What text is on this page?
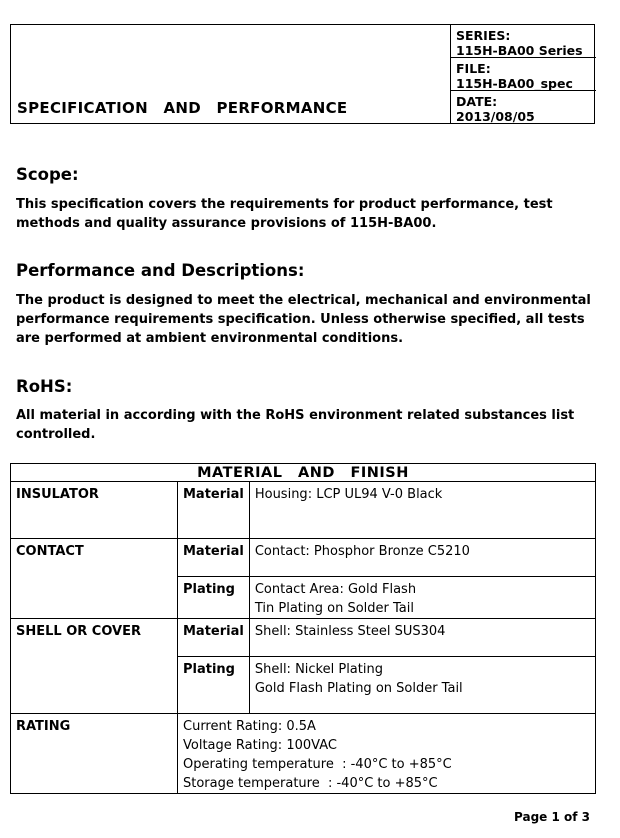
SPECIFICATION AND PERFORMANCE
SERIES:
115H-BA00 Series
FILE:
115H-BA00_spec
DATE:
2013/08/05
Scope:
This specification covers the requirements for product performance, test methods and quality assurance provisions of 115H-BA00.
Performance and Descriptions:
The product is designed to meet the electrical, mechanical and environmental performance requirements specification. Unless otherwise specified, all tests are performed at ambient environmental conditions.
RoHS:
All material in according with the RoHS environment related substances list controlled.
MATERIAL AND FINISH		
INSULATOR	Material	Housing: LCP UL94 V-0 Black
CONTACT	Material	Contact: Phosphor Bronze C5210
	Plating	Contact Area: Gold Flash
Tin Plating on Solder Tail

SHELL OR COVER	Material	Shell: Stainless Steel SUS304
	Plating	Shell: Nickel Plating
Gold Flash Plating on Solder Tail

RATING	Current Rating: 0.5A
Voltage Rating: 100VAC
Operating temperature  : -40°C to +85°C
Storage temperature  : -40°C to +85°C	
Page 1 of 3
